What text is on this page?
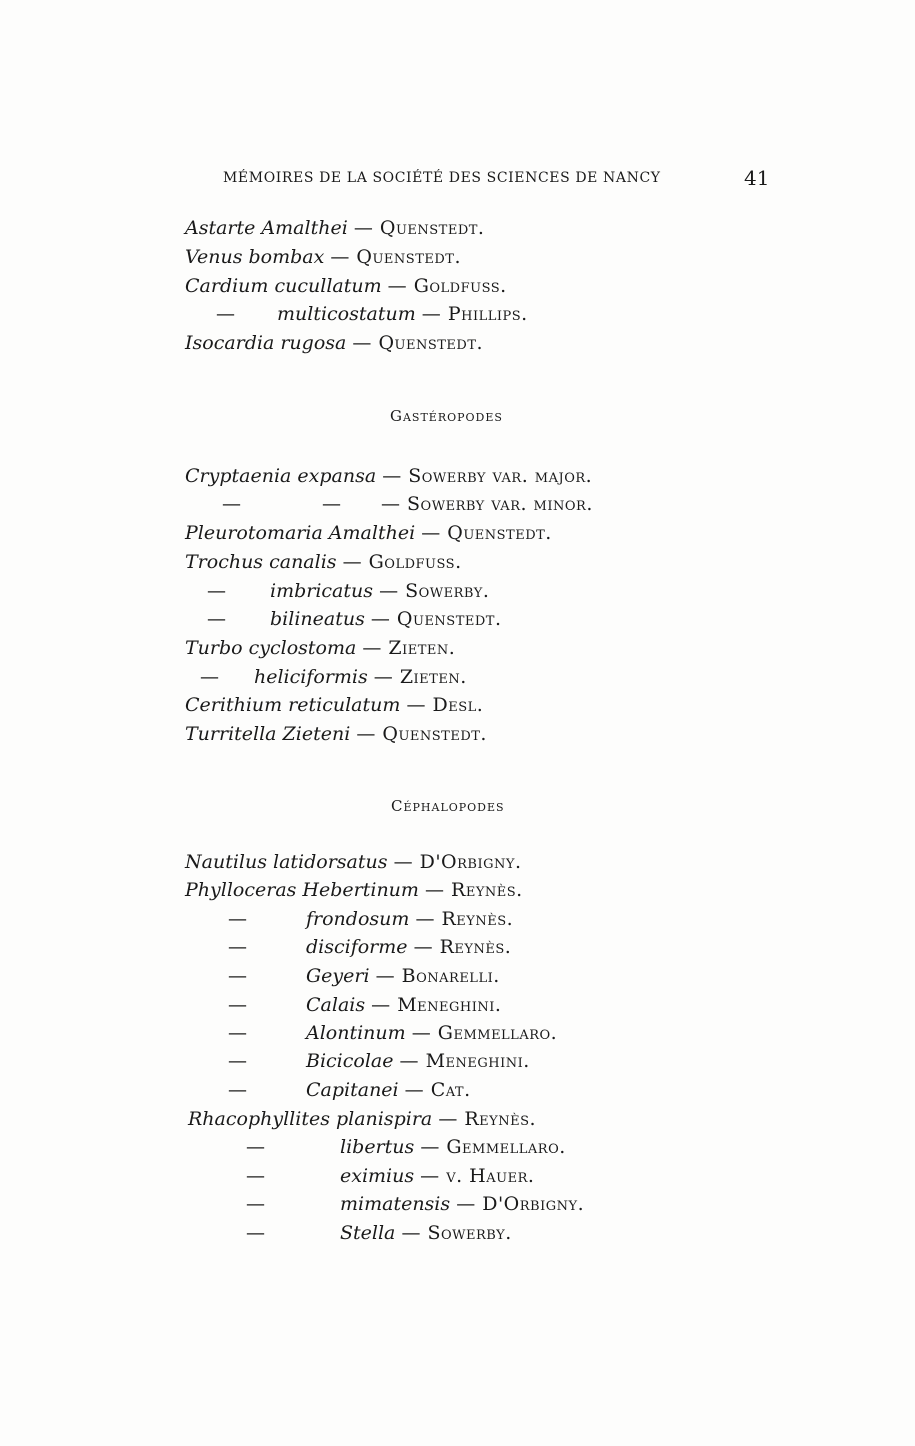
MÉMOIRES DE LA SOCIÉTÉ DES SCIENCES DE NANCY	41
Astarte Amalthei — Quenstedt.
Venus bombax — Quenstedt.
Cardium cucullatum — Goldfuss.
— multicostatum — Phillips.
Isocardia rugosa — Quenstedt.
Gastéropodes
Cryptaenia expansa — Sowerby var. major.
—	— — Sowerby var. minor.
Pleurotomaria Amalthei — Quenstedt.
Trochus canalis — Goldfuss.
— imbricatus — Sowerby.
— bilineatus — Quenstedt.
Turbo cyclostoma — Zieten.
— heliciformis — Zieten.
Cerithium reticulatum — Desl.
Turritella Zieteni — Quenstedt.
Céphalopodes
Nautilus latidorsatus — D'Orbigny.
Phylloceras Hebertinum — Reynès.
—	frondosum — Reynès.
—	disciforme — Reynès.
—	Geyeri — Bonarelli.
—	Calais — Meneghini.
—	Alontinum — Gemmellaro.
—	Bicicolae — Meneghini.
—	Capitanei — Cat.
Rhacophyllites planispira — Reynès.
—	libertus — Gemmellaro.
—	eximius — v. Hauer.
—	mimatensis — D'Orbigny.
—	Stella — Sowerby.
